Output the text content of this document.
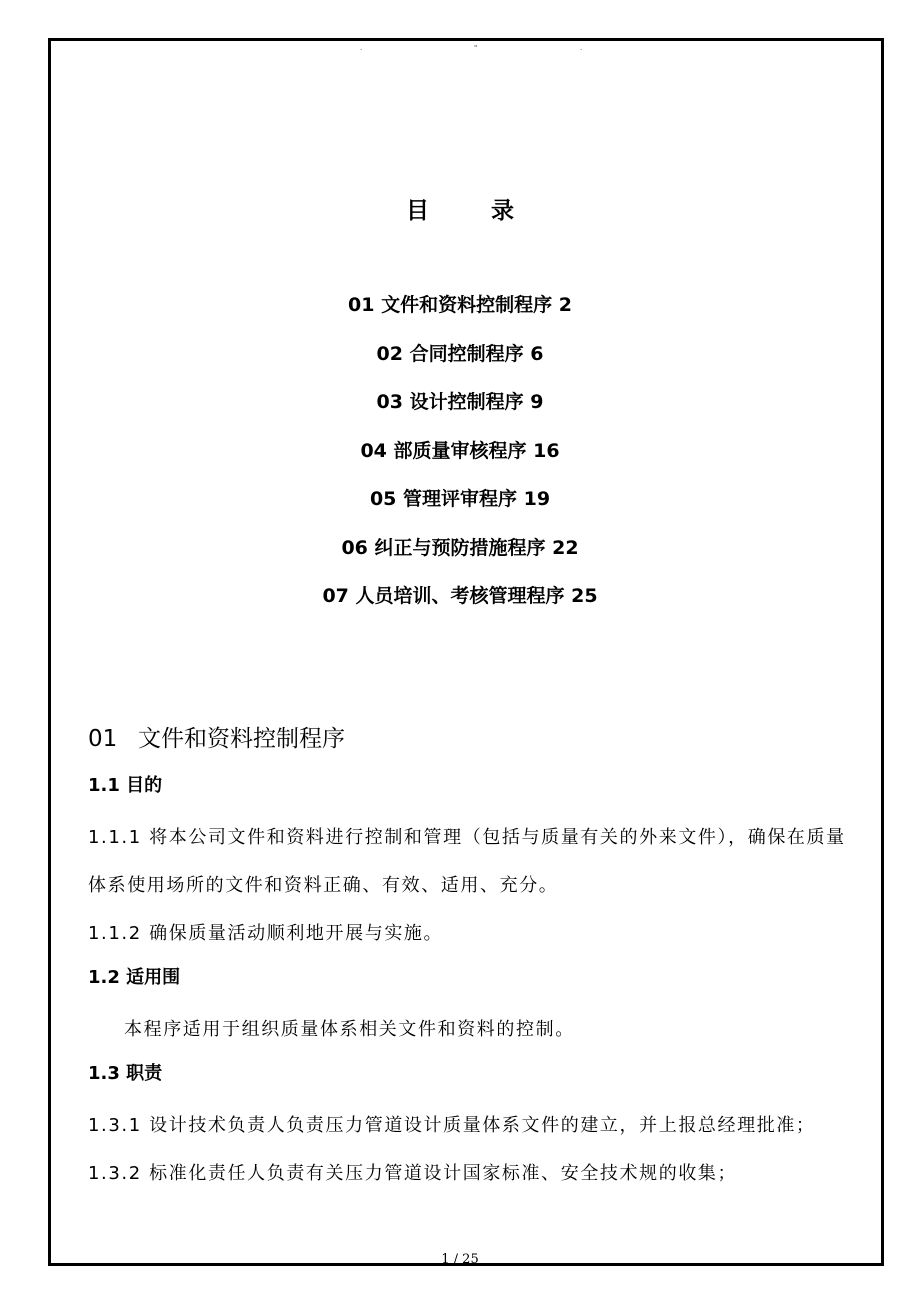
.	"	.
目录
01 文件和资料控制程序 2
02 合同控制程序 6
03 设计控制程序 9
04 部质量审核程序 16
05 管理评审程序 19
06 纠正与预防措施程序 22
07 人员培训、考核管理程序 25
01 文件和资料控制程序
1.1 目的
1.1.1 将本公司文件和资料进行控制和管理（包括与质量有关的外来文件），确保在质量体系使用场所的文件和资料正确、有效、适用、充分。
1.1.2 确保质量活动顺利地开展与实施。
1.2 适用围
本程序适用于组织质量体系相关文件和资料的控制。
1.3 职责
1.3.1 设计技术负责人负责压力管道设计质量体系文件的建立，并上报总经理批准；
1.3.2 标准化责任人负责有关压力管道设计国家标准、安全技术规的收集；
1 / 25
